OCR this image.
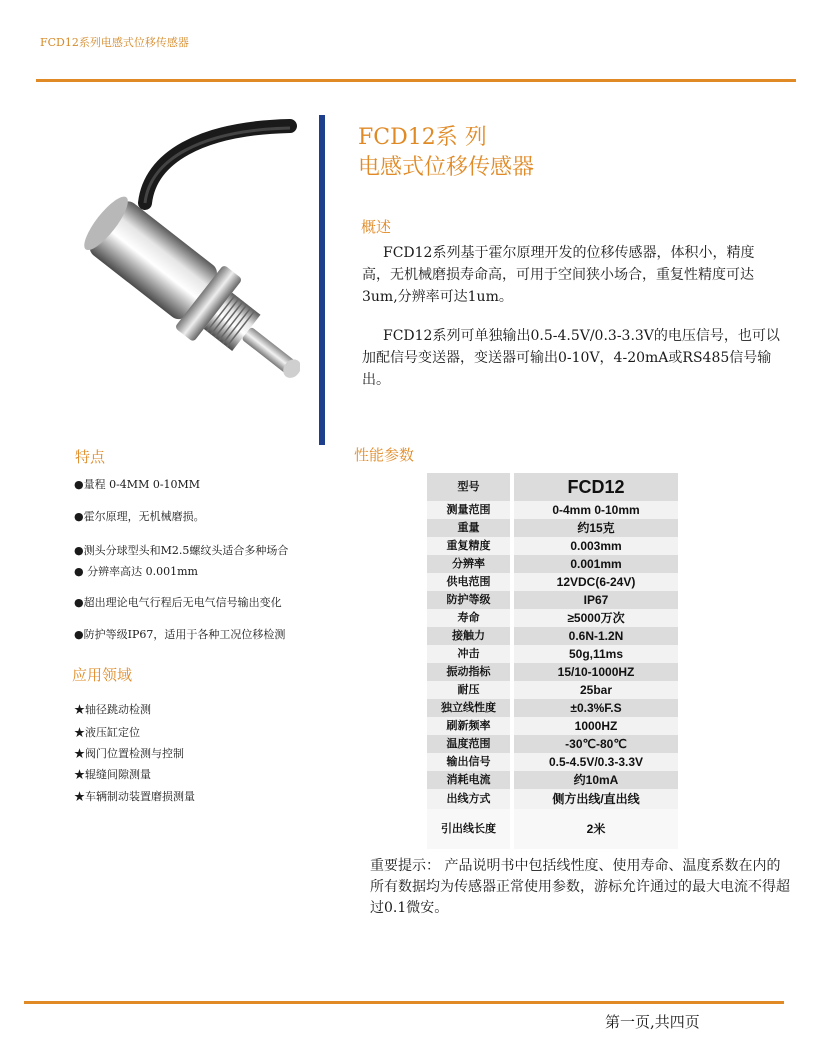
FCD12系列电感式位移传感器
FCD12系 列
电感式位移传感器
概述
  FCD12系列基于霍尔原理开发的位移传感器，体积小，精度高，无机械磨损寿命高，可用于空间狭小场合，重复性精度可达3um,分辨率可达1um。
  FCD12系列可单独输出0.5-4.5V/0.3-3.3V的电压信号，也可以加配信号变送器，变送器可输出0-10V，4-20mA或RS485信号输出。
特点	性能参数
●量程 0-4MM 0-10MM
●霍尔原理，无机械磨损。
●测头分球型头和M2.5螺纹头适合多种场合
● 分辨率高达 0.001mm
●超出理论电气行程后无电气信号输出变化
●防护等级IP67，适用于各种工况位移检测
应用领域
★轴径跳动检测
★液压缸定位
★阀门位置检测与控制
★辊缝间隙测量
★车辆制动装置磨损测量
型号	FCD12
测量范围	0-4mm 0-10mm
重量	约15克
重复精度	0.003mm
分辨率	0.001mm
供电范围	12VDC(6-24V)
防护等级	IP67
寿命	≥5000万次
接触力	0.6N-1.2N
冲击	50g,11ms
振动指标	15/10-1000HZ
耐压	25bar
独立线性度	±0.3%F.S
刷新频率	1000HZ
温度范围	-30℃-80℃
输出信号	0.5-4.5V/0.3-3.3V
消耗电流	约10mA
出线方式	侧方出线/直出线
引出线长度	2米
重要提示： 产品说明书中包括线性度、使用寿命、温度系数在内的所有数据均为传感器正常使用参数，游标允许通过的最大电流不得超过0.1微安。
第一页,共四页
